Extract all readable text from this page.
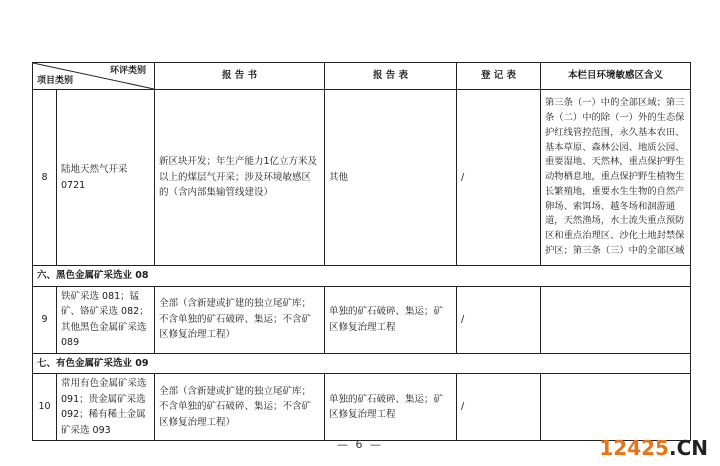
环评类别
项目类别		报 告 书	报 告 表	登 记 表	本栏目环境敏感区含义
8	陆地天然气开采 0721	新区块开发；年生产能力1亿立方米及以上的煤层气开采；涉及环境敏感区的（含内部集输管线建设）	其他	/	第三条（一）中的全部区域；第三条（二）中的除（一）外的生态保护红线管控范围，永久基本农田、基本草原、森林公园、地质公园、重要湿地、天然林，重点保护野生动物栖息地，重点保护野生植物生长繁殖地，重要水生生物的自然产卵场、索饵场、越冬场和洄游通道，天然渔场，水土流失重点预防区和重点治理区、沙化土地封禁保护区；第三条（三）中的全部区域
六、黑色金属矿采选业 08					
9	铁矿采选 081；锰矿、铬矿采选 082；其他黑色金属矿采选 089	全部（含新建或扩建的独立尾矿库；不含单独的矿石破碎、集运；不含矿区修复治理工程）	单独的矿石破碎、集运；矿区修复治理工程	/	
七、有色金属矿采选业 09					
10	常用有色金属矿采选 091；贵金属矿采选 092；稀有稀土金属矿采选 093	全部（含新建或扩建的独立尾矿库；不含单独的矿石破碎、集运；不含矿区修复治理工程）	单独的矿石破碎、集运；矿区修复治理工程	/	
— 6 —	12425.CN
